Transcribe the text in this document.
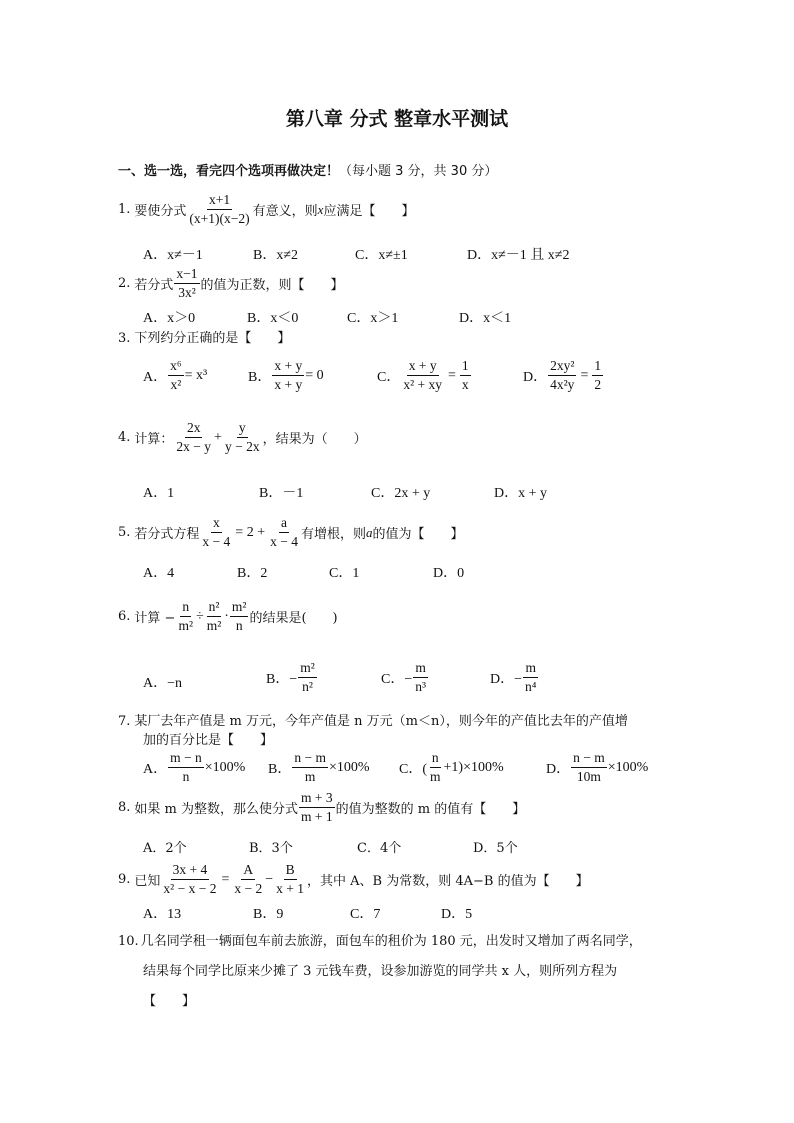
第八章 分式 整章水平测试
一、选一选，看完四个选项再做决定！（每小题 3 分，共 30 分）
1. 要使分式 $\frac{x+1}{(x+1)(x-2)}$ 有意义，则 x 应满足【　　】
A．x≠－1	B．x≠2	C．x≠±1	D．x≠－1 且 x≠2
2. 若分式 $\frac{x-1}{\text{3x²}}$ 的值为正数，则【　　】
A．x＞0	B．x＜0	C．x＞1	D．x＜1
3. 下列约分正确的是【　　】
A． $\frac{\text{x⁶}}{\text{x²}} = x^3$	B． $\frac{x + y}{x + y} = 0$	C． $\frac{x + y}{\text{x² + xy}} = \frac{1}{x}$	D． $\frac{\text{2xy²}}{\text{4x²y}} = \frac{1}{2}$
4. 计算： $\frac{2x}{2x - y} + \frac{y}{y - 2x}$ ，结果为（　　）
A．1	B．－1	C．2x + y	D．x + y
5. 若分式方程 $\frac{x}{x - 4} = 2 + \frac{a}{x - 4}$ 有增根，则 a 的值为【　　】
A．4	B．2	C．1	D．0
6. 计算 − $\frac{n}{\text{m²}} \div \frac{\text{n²}}{\text{m²}} \cdot \frac{\text{m²}}{n}$ 的结果是(　　)
A．−n	B．− $\frac{\text{m²}}{\text{n²}}$	C．− $\frac{m}{\text{n³}}$	D．− $\frac{m}{\text{n⁴}}$
7. 某厂去年产值是 m 万元，今年产值是 n 万元（m＜n），则今年的产值比去年的产值增
加的百分比是【　　】
A． $\frac{m - n}{n} \times 100\%$ B． $\frac{n - m}{m} \times 100\%$ C．( $\frac{n}{m} +1)\times 100\%$	D． $\frac{n - m}{10m} \times 100\%$
8. 如果 m 为整数，那么使分式 $\frac{m + 3}{m + 1}$ 的值为整数的 m 的值有【　　】
A．2个	B．3个	C．4个	D．5个
9. 已知 $\frac{3x + 4}{\text{x² − x − 2}} = \frac{A}{x - 2} - \frac{B}{x + 1}$ ，其中 A、B 为常数，则 4A−B 的值为【　　】
A．13	B．9	C．7	D．5
10. 几名同学租一辆面包车前去旅游，面包车的租价为 180 元，出发时又增加了两名同学，
结果每个同学比原来少摊了 3 元钱车费，设参加游览的同学共 x 人，则所列方程为
【　　】
